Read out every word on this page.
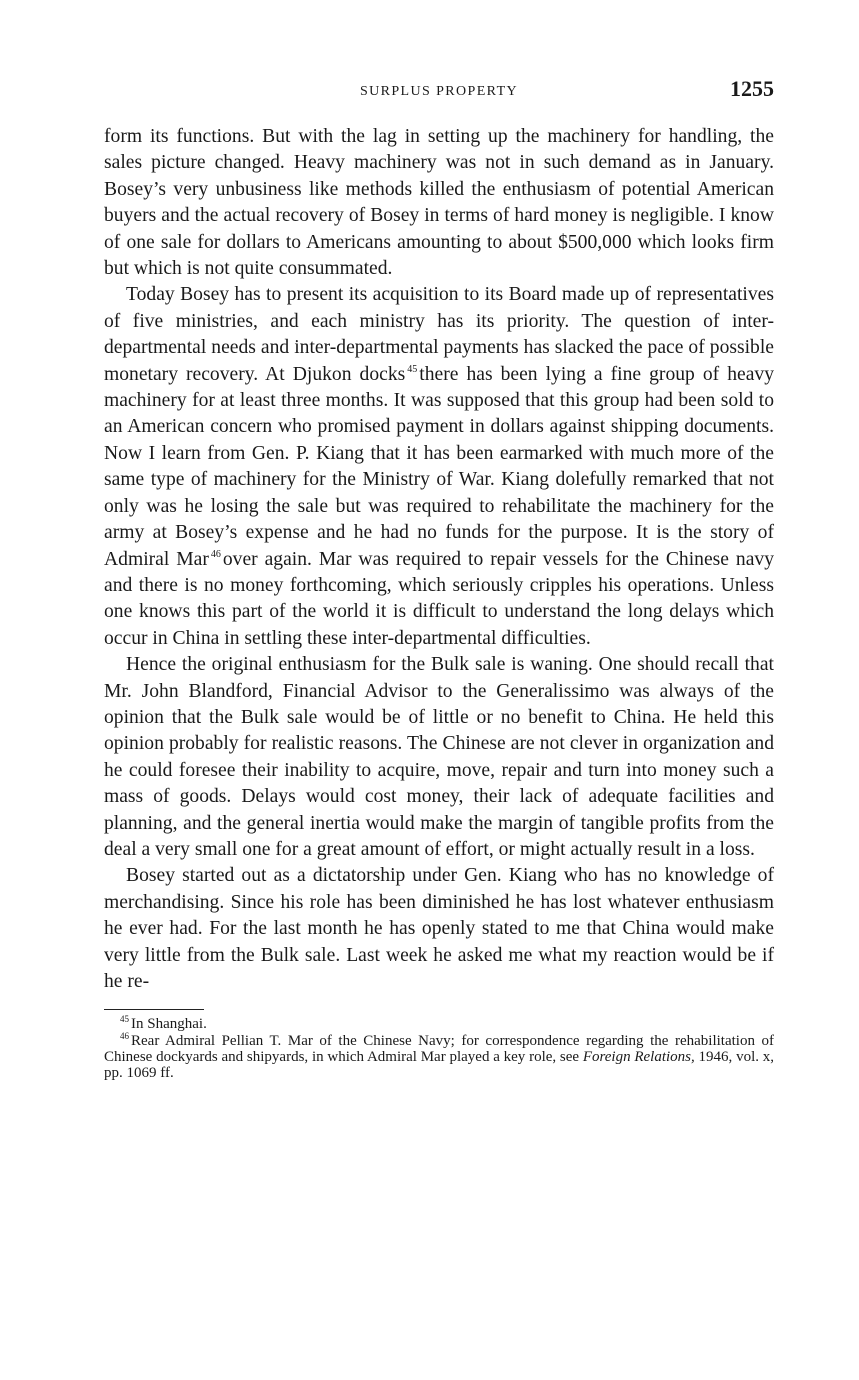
SURPLUS PROPERTY	1255

form its functions. But with the lag in setting up the machinery for handling, the sales picture changed. Heavy machinery was not in such demand as in January. Bosey’s very unbusiness like methods killed the enthusiasm of potential American buyers and the actual recovery of Bosey in terms of hard money is negligible. I know of one sale for dollars to Americans amounting to about $500,000 which looks firm but which is not quite consummated.

Today Bosey has to present its acquisition to its Board made up of representatives of five ministries, and each ministry has its priority. The question of inter-departmental needs and inter-departmental payments has slacked the pace of possible monetary recovery. At Djukon docks $^{45}$ there has been lying a fine group of heavy machinery for at least three months. It was supposed that this group had been sold to an American concern who promised payment in dollars against shipping documents. Now I learn from Gen. P. Kiang that it has been earmarked with much more of the same type of machinery for the Ministry of War. Kiang dolefully remarked that not only was he losing the sale but was required to rehabilitate the machinery for the army at Bosey’s expense and he had no funds for the purpose. It is the story of Admiral Mar $^{46}$ over again. Mar was required to repair vessels for the Chinese navy and there is no money forthcoming, which seriously cripples his operations. Unless one knows this part of the world it is difficult to understand the long delays which occur in China in settling these inter-departmental difficulties.

Hence the original enthusiasm for the Bulk sale is waning. One should recall that Mr. John Blandford, Financial Advisor to the Generalissimo was always of the opinion that the Bulk sale would be of little or no benefit to China. He held this opinion probably for realistic reasons. The Chinese are not clever in organization and he could foresee their inability to acquire, move, repair and turn into money such a mass of goods. Delays would cost money, their lack of adequate facilities and planning, and the general inertia would make the margin of tangible profits from the deal a very small one for a great amount of effort, or might actually result in a loss.

Bosey started out as a dictatorship under Gen. Kiang who has no knowledge of merchandising. Since his role has been diminished he has lost whatever enthusiasm he ever had. For the last month he has openly stated to me that China would make very little from the Bulk sale. Last week he asked me what my reaction would be if he re-

$^{45}$ In Shanghai.

$^{46}$ Rear Admiral Pellian T. Mar of the Chinese Navy; for correspondence regarding the rehabilitation of Chinese dockyards and shipyards, in which Admiral Mar played a key role, see Foreign Relations, 1946, vol. x, pp. 1069 ff.
